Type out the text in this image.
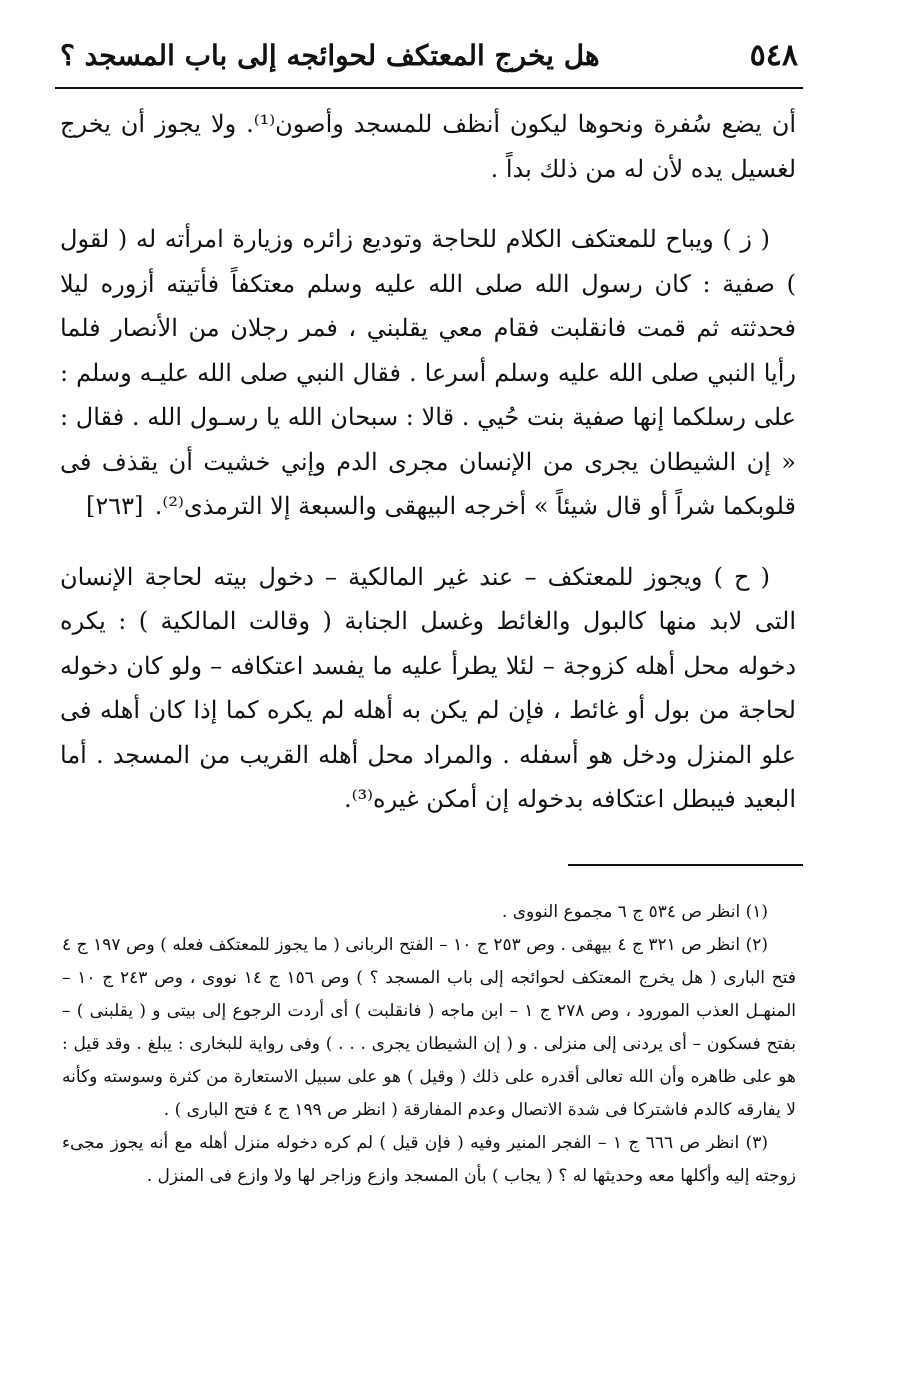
٥٤٨
هل يخرج المعتكف لحوائجه إلى باب المسجد ؟

أن يضع سُفرة ونحوها ليكون أنظف للمسجد وأصون⁽¹⁾. ولا يجوز أن يخرج لغسيل يده لأن له من ذلك بداً .

( ز ) ويباح للمعتكف الكلام للحاجة وتوديع زائره وزيارة امرأته له ( لقول ) صفية : كان رسول الله صلى الله عليه وسلم معتكفاً فأتيته أزوره ليلا فحدثته ثم قمت فانقلبت فقام معي يقلبني ، فمر رجلان من الأنصار فلما رأيا النبي صلى الله عليه وسلم أسرعا . فقال النبي صلى الله عليـه وسلم : على رسلكما إنها صفية بنت حُيي . قالا : سبحان الله يا رسـول الله . فقال : « إن الشيطان يجرى من الإنسان مجرى الدم وإني خشيت أن يقذف فى قلوبكما شراً أو قال شيئاً » أخرجه البيهقى والسبعة إلا الترمذى⁽²⁾.
[٢٦٣]

( ح ) ويجوز للمعتكف – عند غير المالكية – دخول بيته لحاجة الإنسان التى لابد منها كالبول والغائط وغسل الجنابة ( وقالت المالكية ) : يكره دخوله محل أهله كزوجة – لئلا يطرأ عليه ما يفسد اعتكافه – ولو كان دخوله لحاجة من بول أو غائط ، فإن لم يكن به أهله لم يكره كما إذا كان أهله فى علو المنزل ودخل هو أسفله . والمراد محل أهله القريب من المسجد . أما البعيد فيبطل اعتكافه بدخوله إن أمكن غيره⁽³⁾.

(١) انظر ص ٥٣٤ ج ٦ مجموع النووى .

(٢) انظر ص ٣٢١ ج ٤ بيهقى . وص ٢٥٣ ج ١٠ – الفتح الربانى ( ما يجوز للمعتكف فعله ) وص ١٩٧ ج ٤ فتح البارى ( هل يخرج المعتكف لحوائجه إلى باب المسجد ؟ ) وص ١٥٦ ج ١٤ نووى ، وص ٢٤٣ ج ١٠ – المنهـل العذب المورود ، وص ٢٧٨ ج ١ – ابن ماجه ( فانقلبت ) أى أردت الرجوع إلى بيتى و ( يقلبنى ) – بفتح فسكون – أى يردنى إلى منزلى . و ( إن الشيطان يجرى . . . ) وفى رواية للبخارى : يبلغ . وقد قيل : هو على ظاهره وأن الله تعالى أقدره على ذلك ( وقيل ) هو على سبيل الاستعارة من كثرة وسوسته وكأنه لا يفارقه كالدم فاشتركا فى شدة الاتصال وعدم المفارقة ( انظر ص ١٩٩ ج ٤ فتح البارى ) .

(٣) انظر ص ٦٦٦ ج ١ – الفجر المنير وفيه ( فإن قيل ) لم كره دخوله منزل أهله مع أنه يجوز مجىء زوجته إليه وأكلها معه وحديثها له ؟ ( يجاب ) بأن المسجد وازع وزاجر لها ولا وازع فى المنزل .
